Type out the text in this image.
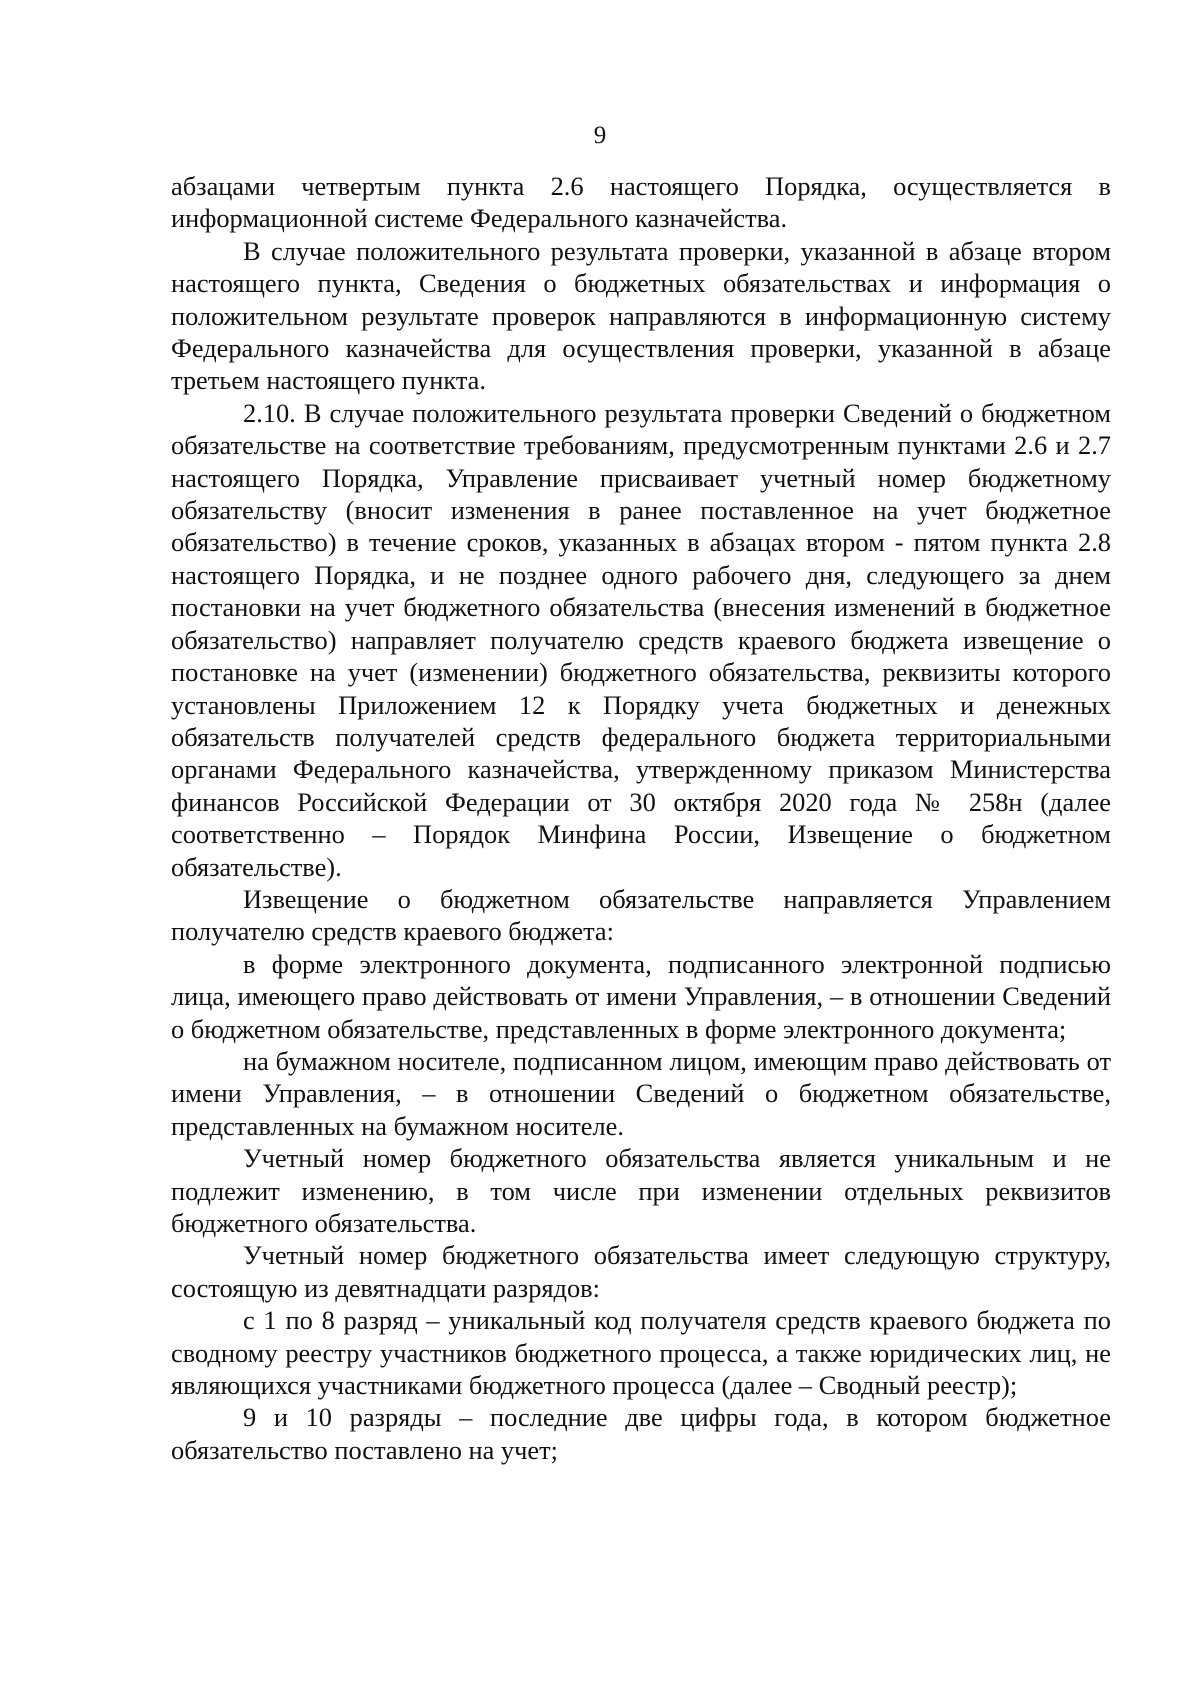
9

абзацами четвертым пункта 2.6 настоящего Порядка, осуществляется в информационной системе Федерального казначейства.

В случае положительного результата проверки, указанной в абзаце втором настоящего пункта, Сведения о бюджетных обязательствах и информация о положительном результате проверок направляются в информационную систему Федерального казначейства для осуществления проверки, указанной в абзаце третьем настоящего пункта.

2.10. В случае положительного результата проверки Сведений о бюджетном обязательстве на соответствие требованиям, предусмотренным пунктами 2.6 и 2.7 настоящего Порядка, Управление присваивает учетный номер бюджетному обязательству (вносит изменения в ранее поставленное на учет бюджетное обязательство) в течение сроков, указанных в абзацах втором - пятом пункта 2.8 настоящего Порядка, и не позднее одного рабочего дня, следующего за днем постановки на учет бюджетного обязательства (внесения изменений в бюджетное обязательство) направляет получателю средств краевого бюджета извещение о постановке на учет (изменении) бюджетного обязательства, реквизиты которого установлены Приложением 12 к Порядку учета бюджетных и денежных обязательств получателей средств федерального бюджета территориальными органами Федерального казначейства, утвержденному приказом Министерства финансов Российской Федерации от 30 октября 2020 года № 258н (далее соответственно – Порядок Минфина России, Извещение о бюджетном обязательстве).

Извещение о бюджетном обязательстве направляется Управлением получателю средств краевого бюджета:

в форме электронного документа, подписанного электронной подписью лица, имеющего право действовать от имени Управления, – в отношении Сведений о бюджетном обязательстве, представленных в форме электронного документа;

на бумажном носителе, подписанном лицом, имеющим право действовать от имени Управления, – в отношении Сведений о бюджетном обязательстве, представленных на бумажном носителе.

Учетный номер бюджетного обязательства является уникальным и не подлежит изменению, в том числе при изменении отдельных реквизитов бюджетного обязательства.

Учетный номер бюджетного обязательства имеет следующую структуру, состоящую из девятнадцати разрядов:

с 1 по 8 разряд – уникальный код получателя средств краевого бюджета по сводному реестру участников бюджетного процесса, а также юридических лиц, не являющихся участниками бюджетного процесса (далее – Сводный реестр);

9 и 10 разряды – последние две цифры года, в котором бюджетное обязательство поставлено на учет;
